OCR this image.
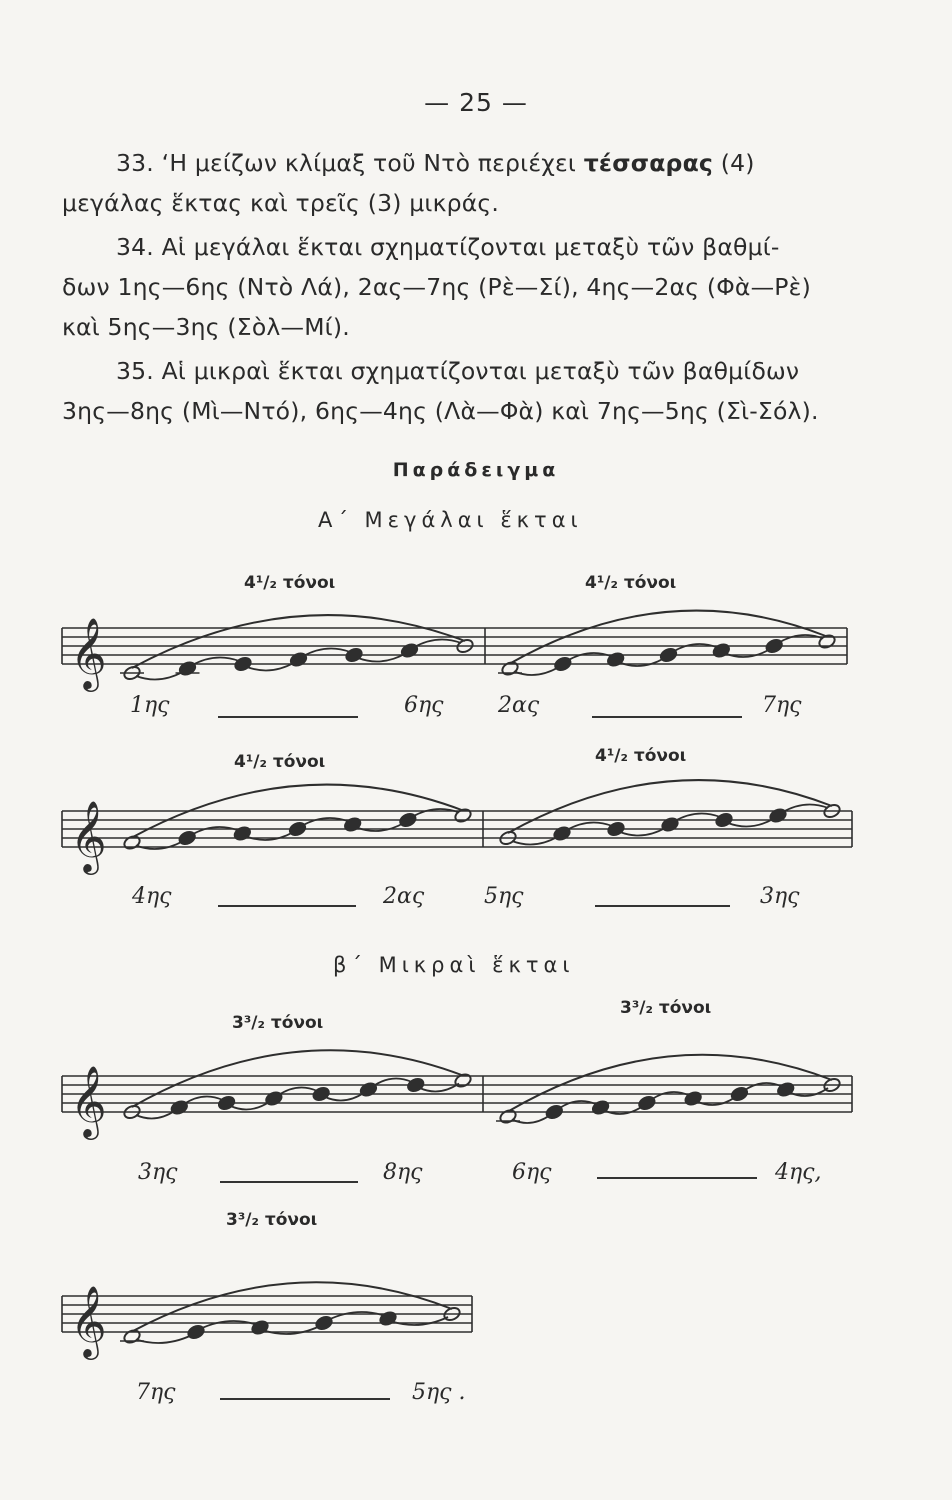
— 25 —
33. ‘Η μείζων κλίμαξ τοῦ Ντὸ περιέχει τέσσαρας (4)
μεγάλας ἕκτας καὶ τρεῖς (3) μικράς.
34. Αἱ μεγάλαι ἕκται σχηματίζονται μεταξὺ τῶν βαθμί-
δων 1ης—6ης (Ντὸ Λά), 2ας—7ης (Ρὲ—Σί), 4ης—2ας (Φὰ—Ρὲ)
καὶ 5ης—3ης (Σὸλ—Μί).
35. Αἱ μικραὶ ἕκται σχηματίζονται μεταξὺ τῶν βαθμίδων
3ης—8ης (Μὶ—Ντό), 6ης—4ης (Λὰ—Φὰ) καὶ 7ης—5ης (Σὶ-Σόλ).
Παράδειγμα
Α΄ Μεγάλαι ἕκται
4¹/₂ τόνοι	4¹/₂ τόνοι
𝄞
1ης	6ης 2ας	7ης
4¹/₂ τόνοι	4¹/₂ τόνοι
𝄞
4ης	2ας	5ης	3ης
β΄ Μικραὶ ἕκται
3³/₂ τόνοι
3³/₂ τόνοι
𝄞
3ης	8ης	6ης	4ης,
3³/₂ τόνοι
𝄞
7ης	5ης .
